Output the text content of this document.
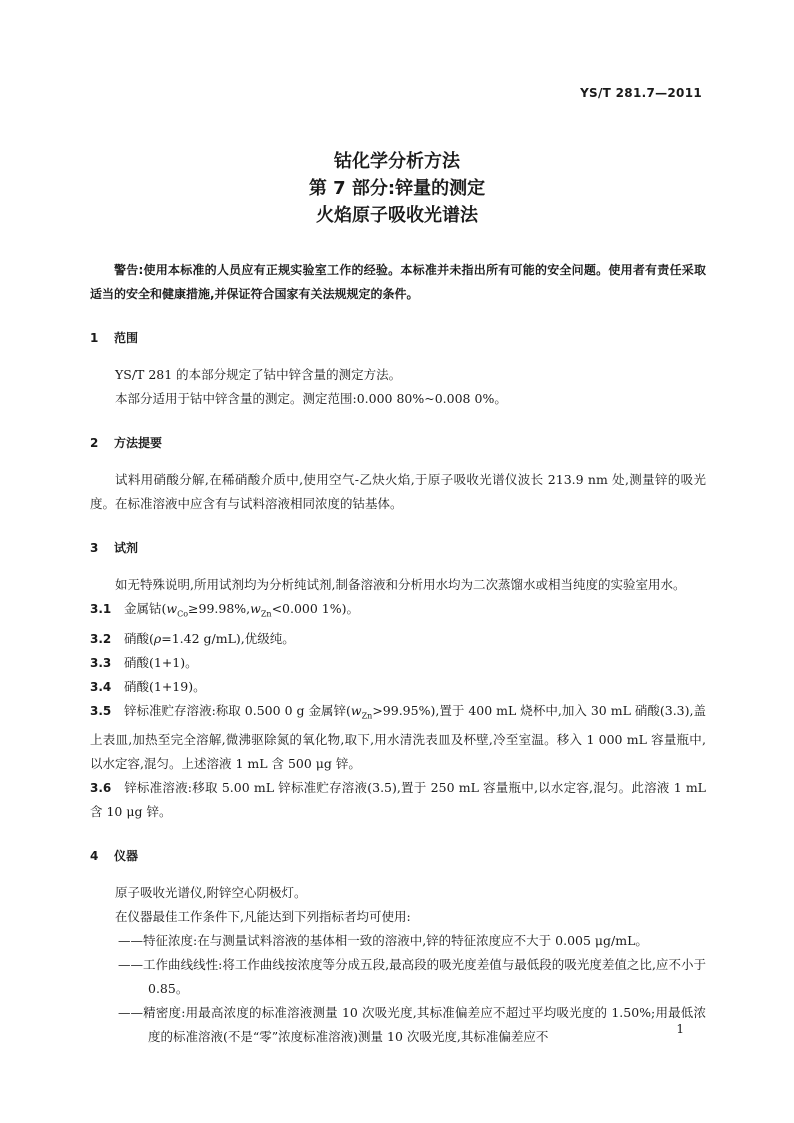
YS/T 281.7—2011
钴化学分析方法
第 7 部分:锌量的测定
火焰原子吸收光谱法
警告:使用本标准的人员应有正规实验室工作的经验。本标准并未指出所有可能的安全问题。使用者有责任采取适当的安全和健康措施,并保证符合国家有关法规规定的条件。
1 范围
YS/T 281 的本部分规定了钴中锌含量的测定方法。
本部分适用于钴中锌含量的测定。测定范围:0.000 80%~0.008 0%。
2 方法提要
试料用硝酸分解,在稀硝酸介质中,使用空气-乙炔火焰,于原子吸收光谱仪波长 213.9 nm 处,测量锌的吸光度。在标准溶液中应含有与试料溶液相同浓度的钴基体。
3 试剂
如无特殊说明,所用试剂均为分析纯试剂,制备溶液和分析用水均为二次蒸馏水或相当纯度的实验室用水。
3.1 金属钴($w_{Co}\ge 99.98\%,w_{Zn}<0.000$ 1%)。
3.2 硝酸(ρ=1.42 g/mL),优级纯。
3.3 硝酸(1+1)。
3.4 硝酸(1+19)。
3.5 锌标准贮存溶液:称取 0.500 0 g 金属锌$(w_{Zn}>99.95\%)$,置于 400 mL 烧杯中,加入 30 mL 硝酸(3.3),盖上表皿,加热至完全溶解,微沸驱除氮的氧化物,取下,用水清洗表皿及杯壁,冷至室温。移入 1 000 mL 容量瓶中,以水定容,混匀。上述溶液 1 mL 含 500 μg 锌。
3.6 锌标准溶液:移取 5.00 mL 锌标准贮存溶液(3.5),置于 250 mL 容量瓶中,以水定容,混匀。此溶液 1 mL 含 10 μg 锌。
4 仪器
原子吸收光谱仪,附锌空心阴极灯。
在仪器最佳工作条件下,凡能达到下列指标者均可使用:
——特征浓度:在与测量试料溶液的基体相一致的溶液中,锌的特征浓度应不大于 0.005 μg/mL。
——工作曲线线性:将工作曲线按浓度等分成五段,最高段的吸光度差值与最低段的吸光度差值之比,应不小于 0.85。
——精密度:用最高浓度的标准溶液测量 10 次吸光度,其标准偏差应不超过平均吸光度的 1.50%;用最低浓度的标准溶液(不是“零”浓度标准溶液)测量 10 次吸光度,其标准偏差应不	1
